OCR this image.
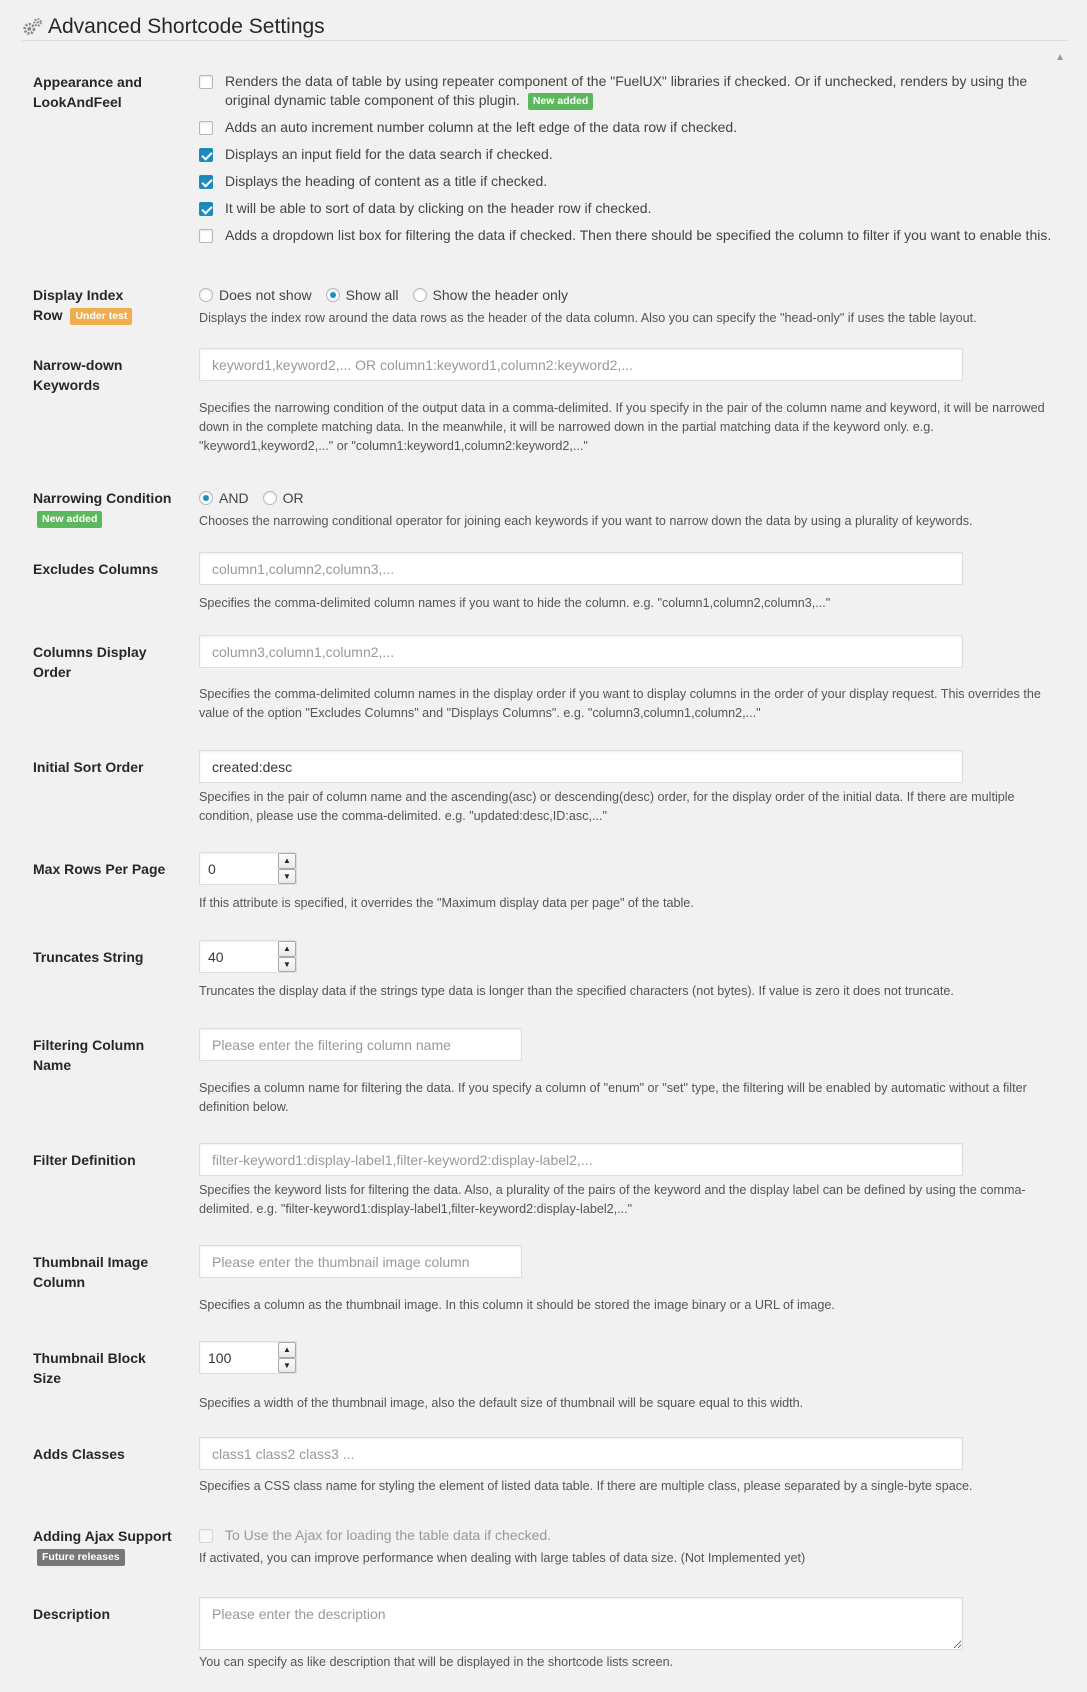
Advanced Shortcode Settings
▲
Appearance and LookAndFeel
Renders the data of table by using repeater component of the "FuelUX" libraries if checked. Or if unchecked, renders by using the original dynamic table component of this plugin. New added
Adds an auto increment number column at the left edge of the data row if checked.
Displays an input field for the data search if checked.
Displays the heading of content as a title if checked.
It will be able to sort of data by clicking on the header row if checked.
Adds a dropdown list box for filtering the data if checked. Then there should be specified the column to filter if you want to enable this.
Display Index Row Under test
Does not show Show all Show the header only

Displays the index row around the data rows as the header of the data column. Also you can specify the "head-only" if uses the table layout.

Narrow-down Keywords
keyword1,keyword2,... OR column1:keyword1,column2:keyword2,...

Specifies the narrowing condition of the output data in a comma-delimited. If you specify in the pair of the column name and keyword, it will be narrowed down in the complete matching data. In the meanwhile, it will be narrowed down in the partial matching data if the keyword only. e.g. "keyword1,keyword2,..." or "column1:keyword1,column2:keyword2,..."

Narrowing Condition New added
AND OR

Chooses the narrowing conditional operator for joining each keywords if you want to narrow down the data by using a plurality of keywords.

Excludes Columns
column1,column2,column3,...

Specifies the comma-delimited column names if you want to hide the column. e.g. "column1,column2,column3,..."

Columns Display Order
column3,column1,column2,...

Specifies the comma-delimited column names in the display order if you want to display columns in the order of your display request. This overrides the value of the option "Excludes Columns" and "Displays Columns". e.g. "column3,column1,column2,..."

Initial Sort Order
created:desc

Specifies in the pair of column name and the ascending(asc) or descending(desc) order, for the display order of the initial data. If there are multiple condition, please use the comma-delimited. e.g. "updated:desc,ID:asc,..."

Max Rows Per Page
0
▲
▼

If this attribute is specified, it overrides the "Maximum display data per page" of the table.

Truncates String
40
▲
▼

Truncates the display data if the strings type data is longer than the specified characters (not bytes). If value is zero it does not truncate.

Filtering Column Name
Please enter the filtering column name

Specifies a column name for filtering the data. If you specify a column of "enum" or "set" type, the filtering will be enabled by automatic without a filter definition below.

Filter Definition
filter-keyword1:display-label1,filter-keyword2:display-label2,...

Specifies the keyword lists for filtering the data. Also, a plurality of the pairs of the keyword and the display label can be defined by using the comma-delimited. e.g. "filter-keyword1:display-label1,filter-keyword2:display-label2,..."

Thumbnail Image Column
Please enter the thumbnail image column

Specifies a column as the thumbnail image. In this column it should be stored the image binary or a URL of image.

Thumbnail Block Size
100
▲
▼

Specifies a width of the thumbnail image, also the default size of thumbnail will be square equal to this width.

Adds Classes
class1 class2 class3 ...

Specifies a CSS class name for styling the element of listed data table. If there are multiple class, please separated by a single-byte space.

Adding Ajax Support Future releases
To Use the Ajax for loading the table data if checked.

If activated, you can improve performance when dealing with large tables of data size. (Not Implemented yet)

Description
Please enter the description

You can specify as like description that will be displayed in the shortcode lists screen.
